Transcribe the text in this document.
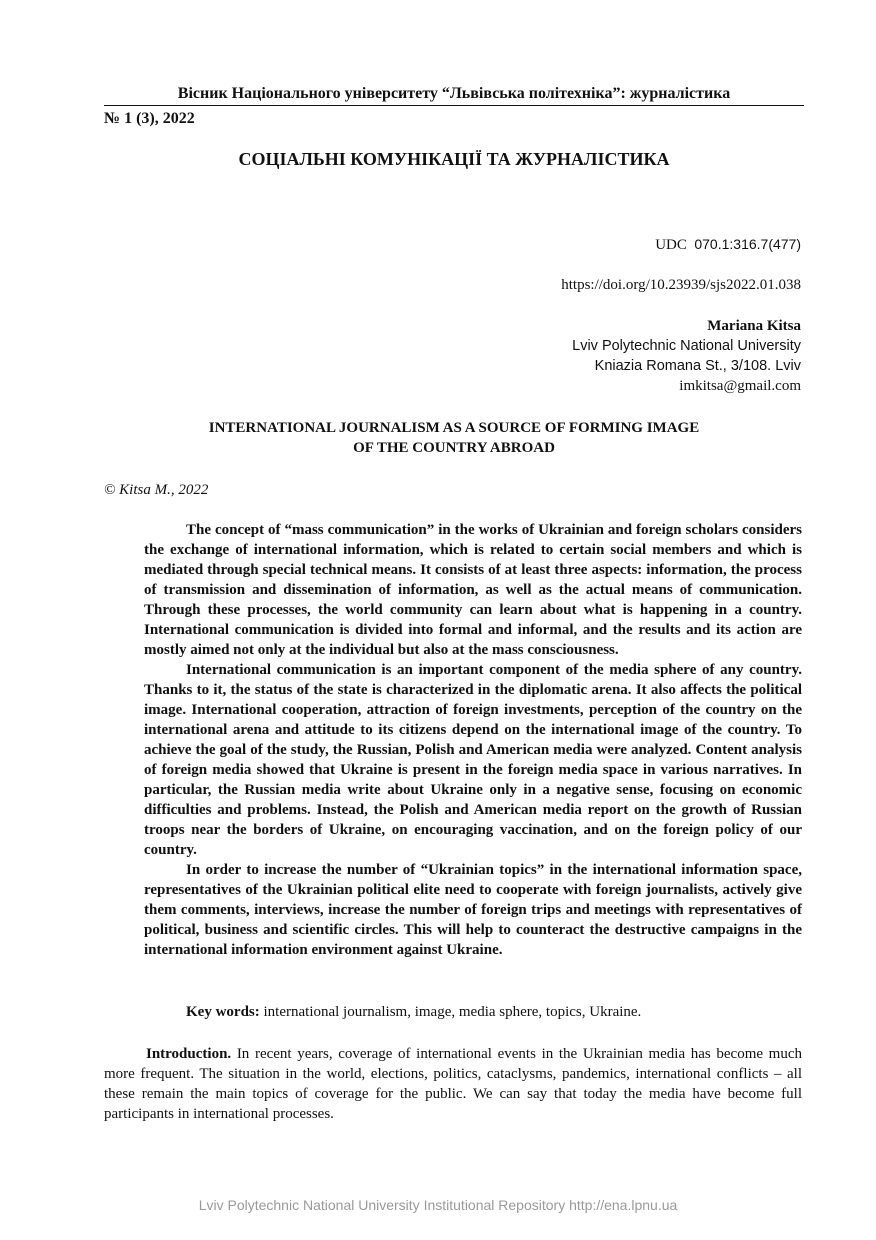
Вісник Національного університету “Львівська політехніка”: журналістика
№ 1 (3), 2022
СОЦІАЛЬНІ КОМУНІКАЦІЇ ТА ЖУРНАЛІСТИКА
UDC 070.1:316.7(477)
https://doi.org/10.23939/sjs2022.01.038
Mariana Kitsa
Lviv Polytechnic National University
Kniazia Romana St., 3/108. Lviv
imkitsa@gmail.com
INTERNATIONAL JOURNALISM AS A SOURCE OF FORMING IMAGE
OF THE COUNTRY ABROAD
© Kitsa M., 2022

The concept of “mass communication” in the works of Ukrainian and foreign scholars considers the exchange of international information, which is related to certain social members and which is mediated through special technical means. It consists of at least three aspects: information, the process of transmission and dissemination of information, as well as the actual means of communication. Through these processes, the world community can learn about what is happening in a country. International communication is divided into formal and informal, and the results and its action are mostly aimed not only at the individual but also at the mass consciousness.

International communication is an important component of the media sphere of any country. Thanks to it, the status of the state is characterized in the diplomatic arena. It also affects the political image. International cooperation, attraction of foreign investments, perception of the country on the international arena and attitude to its citizens depend on the international image of the country. To achieve the goal of the study, the Russian, Polish and American media were analyzed. Content analysis of foreign media showed that Ukraine is present in the foreign media space in various narratives. In particular, the Russian media write about Ukraine only in a negative sense, focusing on economic difficulties and problems. Instead, the Polish and American media report on the growth of Russian troops near the borders of Ukraine, on encouraging vaccination, and on the foreign policy of our country.

In order to increase the number of “Ukrainian topics” in the international information space, representatives of the Ukrainian political elite need to cooperate with foreign journalists, actively give them comments, interviews, increase the number of foreign trips and meetings with representatives of political, business and scientific circles. This will help to counteract the destructive campaigns in the international information environment against Ukraine.

Key words: international journalism, image, media sphere, topics, Ukraine.

Introduction. In recent years, coverage of international events in the Ukrainian media has become much more frequent. The situation in the world, elections, politics, cataclysms, pandemics, international conflicts – all these remain the main topics of coverage for the public. We can say that today the media have become full participants in international processes.

Lviv Polytechnic National University Institutional Repository http://ena.lpnu.ua
